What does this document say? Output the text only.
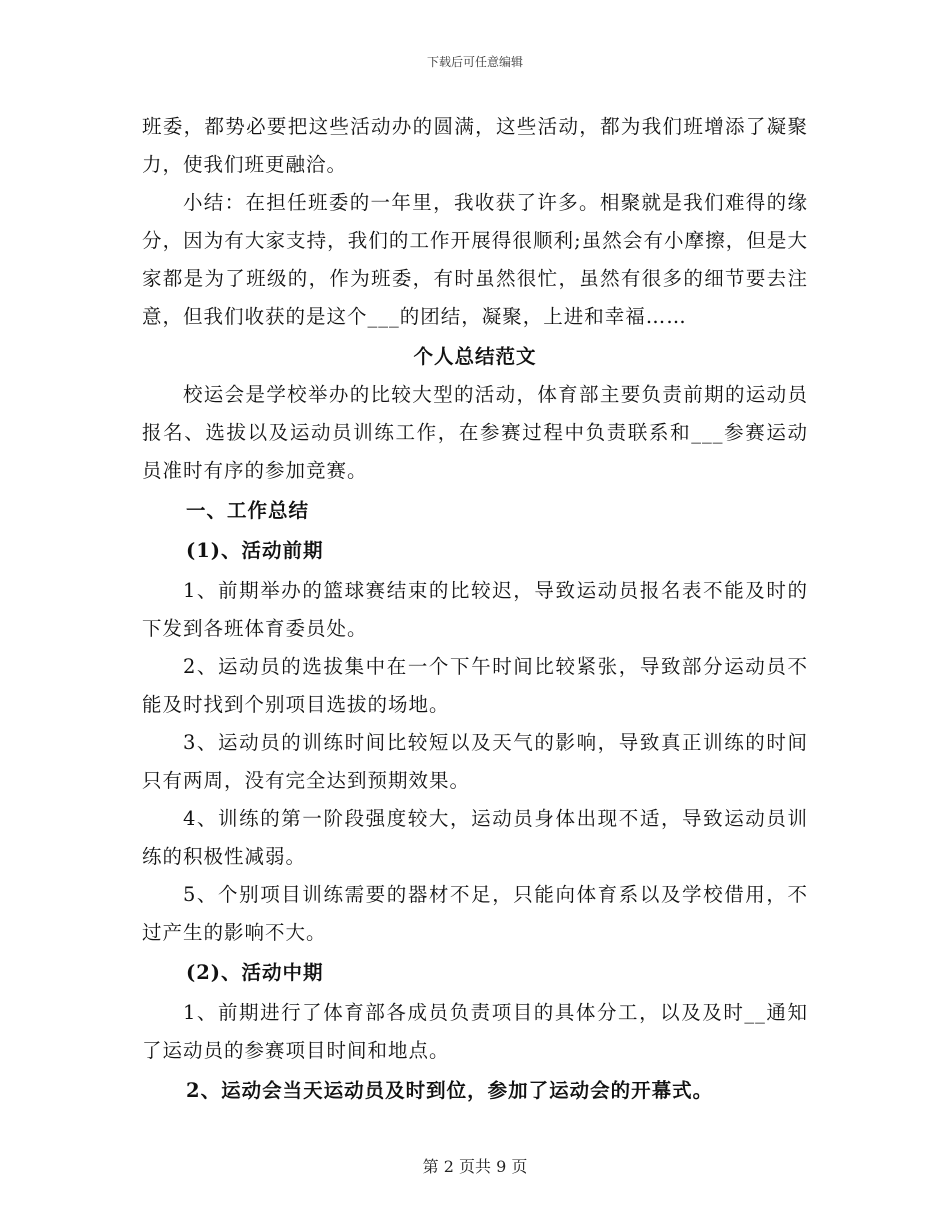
下载后可任意编辑

班委，都势必要把这些活动办的圆满，这些活动，都为我们班增添了凝聚力，使我们班更融洽。

小结：在担任班委的一年里，我收获了许多。相聚就是我们难得的缘分，因为有大家支持，我们的工作开展得很顺利;虽然会有小摩擦，但是大家都是为了班级的，作为班委，有时虽然很忙，虽然有很多的细节要去注意，但我们收获的是这个___的团结，凝聚，上进和幸福……

个人总结范文

校运会是学校举办的比较大型的活动，体育部主要负责前期的运动员报名、选拔以及运动员训练工作，在参赛过程中负责联系和___参赛运动员准时有序的参加竞赛。

一、工作总结

(1)、活动前期

1、前期举办的篮球赛结束的比较迟，导致运动员报名表不能及时的下发到各班体育委员处。

2、运动员的选拔集中在一个下午时间比较紧张，导致部分运动员不能及时找到个别项目选拔的场地。

3、运动员的训练时间比较短以及天气的影响，导致真正训练的时间只有两周，没有完全达到预期效果。

4、训练的第一阶段强度较大，运动员身体出现不适，导致运动员训练的积极性减弱。

5、个别项目训练需要的器材不足，只能向体育系以及学校借用，不过产生的影响不大。

(2)、活动中期

1、前期进行了体育部各成员负责项目的具体分工，以及及时__通知了运动员的参赛项目时间和地点。

2、运动会当天运动员及时到位，参加了运动会的开幕式。

第 2 页共 9 页
